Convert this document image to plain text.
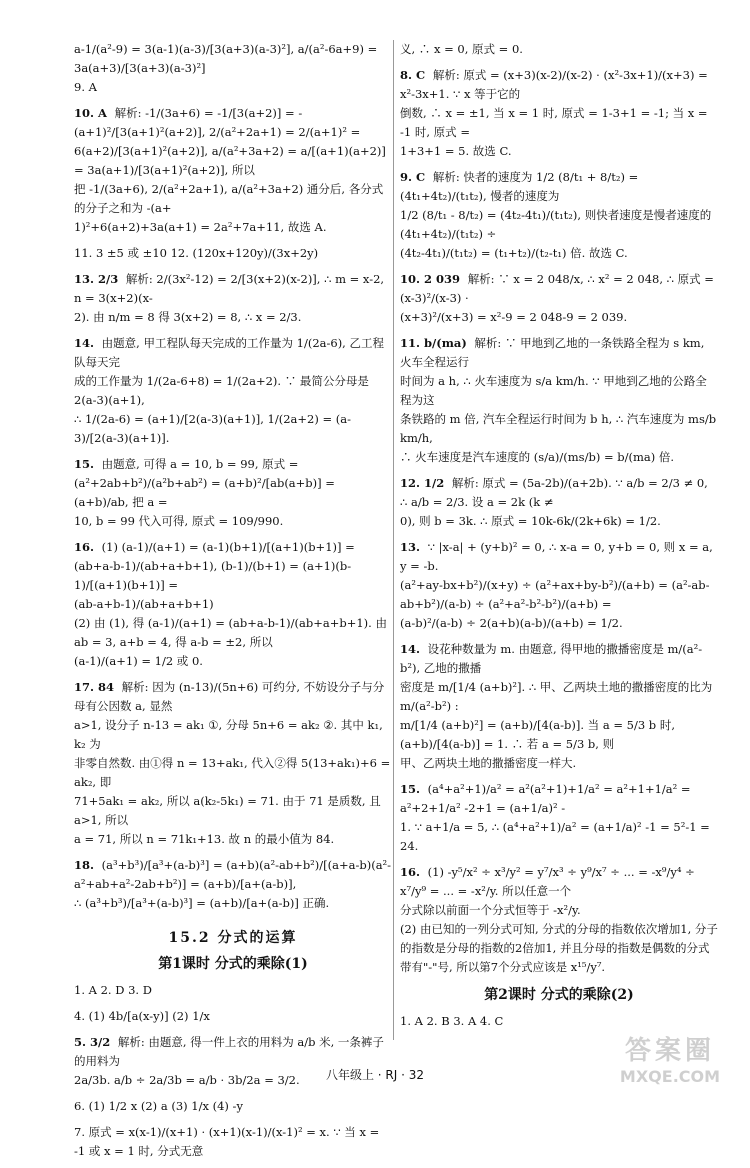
a-1/(a²-9) = 3(a-1)(a-3)/[3(a+3)(a-3)²], a/(a²-6a+9) = 3a(a+3)/[3(a+3)(a-3)²]
9. A
10. A 解析: -1/(3a+6) = -1/[3(a+2)] = -(a+1)²/[3(a+1)²(a+2)], 2/(a²+2a+1) = 2/(a+1)² =
6(a+2)/[3(a+1)²(a+2)], a/(a²+3a+2) = a/[(a+1)(a+2)] = 3a(a+1)/[3(a+1)²(a+2)], 所以
把 -1/(3a+6), 2/(a²+2a+1), a/(a²+3a+2) 通分后, 各分式的分子之和为 -(a+
1)²+6(a+2)+3a(a+1) = 2a²+7a+11, 故选 A.
11. 3 ±5 或 ±10 12. (120x+120y)/(3x+2y)
13. 2/3 解析: 2/(3x²-12) = 2/[3(x+2)(x-2)], ∴ m = x-2, n = 3(x+2)(x-
2). 由 n/m = 8 得 3(x+2) = 8, ∴ x = 2/3.
14. 由题意, 甲工程队每天完成的工作量为 1/(2a-6), 乙工程队每天完
成的工作量为 1/(2a-6+8) = 1/(2a+2). ∵ 最简公分母是 2(a-3)(a+1),
∴ 1/(2a-6) = (a+1)/[2(a-3)(a+1)], 1/(2a+2) = (a-3)/[2(a-3)(a+1)].
15. 由题意, 可得 a = 10, b = 99, 原式 = (a²+2ab+b²)/(a²b+ab²) = (a+b)²/[ab(a+b)] = (a+b)/ab, 把 a =
10, b = 99 代入可得, 原式 = 109/990.
16. (1) (a-1)/(a+1) = (a-1)(b+1)/[(a+1)(b+1)] = (ab+a-b-1)/(ab+a+b+1), (b-1)/(b+1) = (a+1)(b-1)/[(a+1)(b+1)] =
(ab-a+b-1)/(ab+a+b+1)
(2) 由 (1), 得 (a-1)/(a+1) = (ab+a-b-1)/(ab+a+b+1). 由 ab = 3, a+b = 4, 得 a-b = ±2, 所以
(a-1)/(a+1) = 1/2 或 0.
17. 84 解析: 因为 (n-13)/(5n+6) 可约分, 不妨设分子与分母有公因数 a, 显然
a>1, 设分子 n-13 = ak₁ ①, 分母 5n+6 = ak₂ ②. 其中 k₁, k₂ 为
非零自然数. 由①得 n = 13+ak₁, 代入②得 5(13+ak₁)+6 = ak₂, 即
71+5ak₁ = ak₂, 所以 a(k₂-5k₁) = 71. 由于 71 是质数, 且 a>1, 所以
a = 71, 所以 n = 71k₁+13. 故 n 的最小值为 84.
18. (a³+b³)/[a³+(a-b)³] = (a+b)(a²-ab+b²)/[(a+a-b)(a²-a²+ab+a²-2ab+b²)] = (a+b)/[a+(a-b)],
∴ (a³+b³)/[a³+(a-b)³] = (a+b)/[a+(a-b)] 正确.
15.2 分式的运算
第1课时 分式的乘除(1)
1. A 2. D 3. D
4. (1) 4b/[a(x-y)] (2) 1/x
5. 3/2 解析: 由题意, 得一件上衣的用料为 a/b 米, 一条裤子的用料为
2a/3b. a/b ÷ 2a/3b = a/b · 3b/2a = 3/2.
6. (1) 1/2 x (2) a (3) 1/x (4) -y
7. 原式 = x(x-1)/(x+1) · (x+1)(x-1)/(x-1)² = x. ∵ 当 x = -1 或 x = 1 时, 分式无意
义, ∴ x = 0, 原式 = 0.
8. C 解析: 原式 = (x+3)(x-2)/(x-2) · (x²-3x+1)/(x+3) = x²-3x+1. ∵ x 等于它的
倒数, ∴ x = ±1, 当 x = 1 时, 原式 = 1-3+1 = -1; 当 x = -1 时, 原式 =
1+3+1 = 5. 故选 C.
9. C 解析: 快者的速度为 1/2 (8/t₁ + 8/t₂) = (4t₁+4t₂)/(t₁t₂), 慢者的速度为
1/2 (8/t₁ - 8/t₂) = (4t₂-4t₁)/(t₁t₂), 则快者速度是慢者速度的 (4t₁+4t₂)/(t₁t₂) ÷
(4t₂-4t₁)/(t₁t₂) = (t₁+t₂)/(t₂-t₁) 倍. 故选 C.
10. 2 039 解析: ∵ x = 2 048/x, ∴ x² = 2 048, ∴ 原式 = (x-3)²/(x-3) ·
(x+3)²/(x+3) = x²-9 = 2 048-9 = 2 039.
11. b/(ma) 解析: ∵ 甲地到乙地的一条铁路全程为 s km, 火车全程运行
时间为 a h, ∴ 火车速度为 s/a km/h. ∵ 甲地到乙地的公路全程为这
条铁路的 m 倍, 汽车全程运行时间为 b h, ∴ 汽车速度为 ms/b km/h,
∴ 火车速度是汽车速度的 (s/a)/(ms/b) = b/(ma) 倍.
12. 1/2 解析: 原式 = (5a-2b)/(a+2b). ∵ a/b = 2/3 ≠ 0, ∴ a/b = 2/3. 设 a = 2k (k ≠
0), 则 b = 3k. ∴ 原式 = 10k-6k/(2k+6k) = 1/2.
13. ∵ |x-a| + (y+b)² = 0, ∴ x-a = 0, y+b = 0, 则 x = a, y = -b.
(a²+ay-bx+b²)/(x+y) ÷ (a²+ax+by-b²)/(a+b) = (a²-ab-ab+b²)/(a-b) ÷ (a²+a²-b²-b²)/(a+b) =
(a-b)²/(a-b) ÷ 2(a+b)(a-b)/(a+b) = 1/2.
14. 设花种数量为 m. 由题意, 得甲地的撒播密度是 m/(a²-b²), 乙地的撒播
密度是 m/[1/4 (a+b)²]. ∴ 甲、乙两块土地的撒播密度的比为 m/(a²-b²) :
m/[1/4 (a+b)²] = (a+b)/[4(a-b)]. 当 a = 5/3 b 时, (a+b)/[4(a-b)] = 1. ∴ 若 a = 5/3 b, 则
甲、乙两块土地的撒播密度一样大.
15. (a⁴+a²+1)/a² = a²(a²+1)+1/a² = a²+1+1/a² = a²+2+1/a² -2+1 = (a+1/a)² -
1. ∵ a+1/a = 5, ∴ (a⁴+a²+1)/a² = (a+1/a)² -1 = 5²-1 = 24.
16. (1) -y⁵/x² ÷ x³/y² = y⁷/x³ ÷ y⁹/x⁷ ÷ ... = -x⁹/y⁴ ÷ x⁷/y⁹ = ... = -x²/y. 所以任意一个
分式除以前面一个分式恒等于 -x²/y.
(2) 由已知的一列分式可知, 分式的分母的指数依次增加1, 分子
的指数是分母的指数的2倍加1, 并且分母的指数是偶数的分式
带有"-"号, 所以第7个分式应该是 x¹⁵/y⁷.
第2课时 分式的乘除(2)
1. A 2. B 3. A 4. C
八年级上 · RJ · 32
答案圈
MXQE.COM
